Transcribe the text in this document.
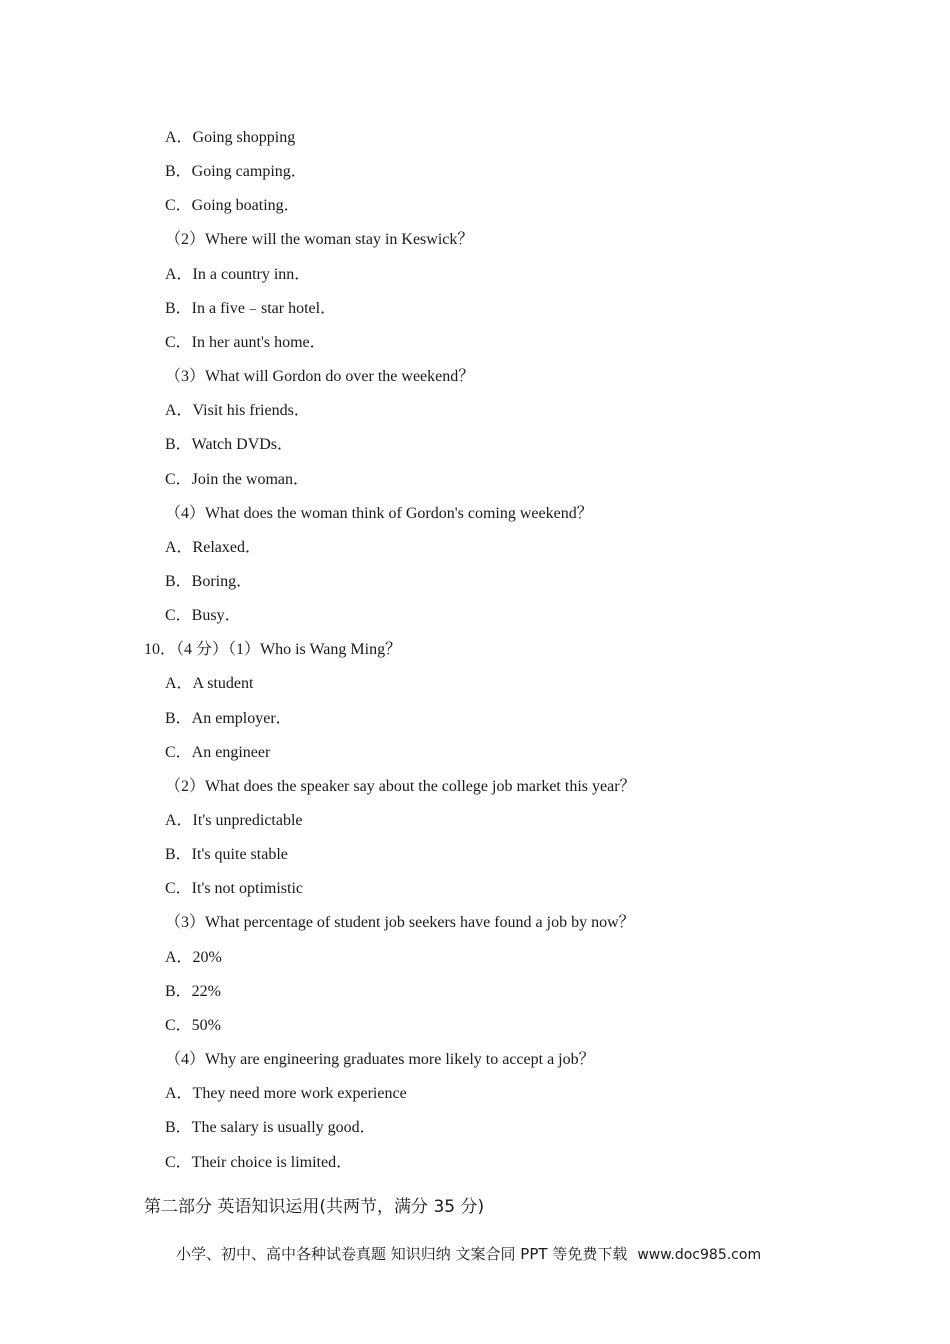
A．Going shopping
B．Going camping．
C．Going boating．
（2）Where will the woman stay in Keswick？
A．In a country inn．
B．In a five﹣star hotel．
C．In her aunt's home．
（3）What will Gordon do over the weekend？
A．Visit his friends．
B．Watch DVDs．
C．Join the woman．
（4）What does the woman think of Gordon's coming weekend？
A．Relaxed．
B．Boring．
C．Busy．
10．（4 分）（1）Who is Wang Ming？
A．A student
B．An employer．
C．An engineer
（2）What does the speaker say about the college job market this year？
A．It's unpredictable
B．It's quite stable
C．It's not optimistic
（3）What percentage of student job seekers have found a job by now？
A．20%
B．22%
C．50%
（4）Why are engineering graduates more likely to accept a job？
A．They need more work experience
B．The salary is usually good．
C．Their choice is limited．
第二部分 英语知识运用(共两节，满分 35 分)
小学、初中、高中各种试卷真题 知识归纳 文案合同 PPT 等免费下载 www.doc985.com
